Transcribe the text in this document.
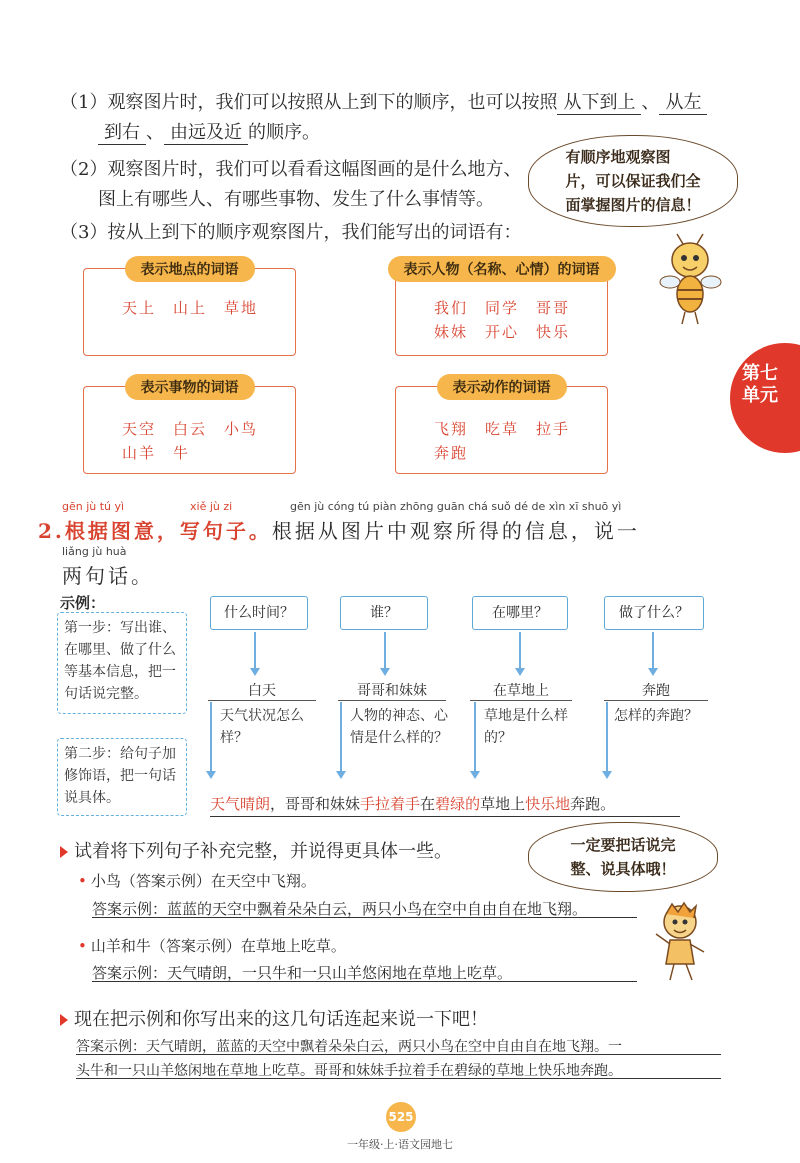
（1）观察图片时，我们可以按照从上到下的顺序，也可以按照 从下到上 、 从左
到右 、 由远及近 的顺序。
（2）观察图片时，我们可以看看这幅图画的是什么地方、
图上有哪些人、有哪些事物、发生了什么事情等。
（3）按从上到下的顺序观察图片，我们能写出的词语有：
有顺序地观察图
片，可以保证我们全
面掌握图片的信息！
表示地点的词语
天上　山上　草地
表示人物（名称、心情）的词语
我们　同学　哥哥
妹妹　开心　快乐
表示事物的词语
天空　白云　小鸟
山羊　牛
表示动作的词语
飞翔　吃草　拉手
奔跑
第七
单元
gēn jù tú yì	xiě jù zi	gēn jù cóng tú piàn zhōng guān chá suǒ dé de xìn xī shuō yì
2.根据图意，写句子。根据从图片中观察所得的信息，说一
liǎng jù huà
两句话。
示例：
第一步：写出谁、在哪里、做了什么等基本信息，把一句话说完整。
第二步：给句子加修饰语，把一句话说具体。
什么时间？	谁？	在哪里？	做了什么？
白天	哥哥和妹妹	在草地上	奔跑
天气状况怎么样？
人物的神态、心情是什么样的？
草地是什么样的？
怎样的奔跑？
天气晴朗，哥哥和妹妹手拉着手在碧绿的草地上快乐地奔跑。
试着将下列句子补充完整，并说得更具体一些。
• 小鸟（答案示例）在天空中飞翔。
答案示例：蓝蓝的天空中飘着朵朵白云，两只小鸟在空中自由自在地飞翔。
• 山羊和牛（答案示例）在草地上吃草。
答案示例：天气晴朗，一只牛和一只山羊悠闲地在草地上吃草。
一定要把话说完
整、说具体哦！
现在把示例和你写出来的这几句话连起来说一下吧！
答案示例：天气晴朗，蓝蓝的天空中飘着朵朵白云，两只小鸟在空中自由自在地飞翔。一
头牛和一只山羊悠闲地在草地上吃草。哥哥和妹妹手拉着手在碧绿的草地上快乐地奔跑。
525
一年级·上·语文园地七
